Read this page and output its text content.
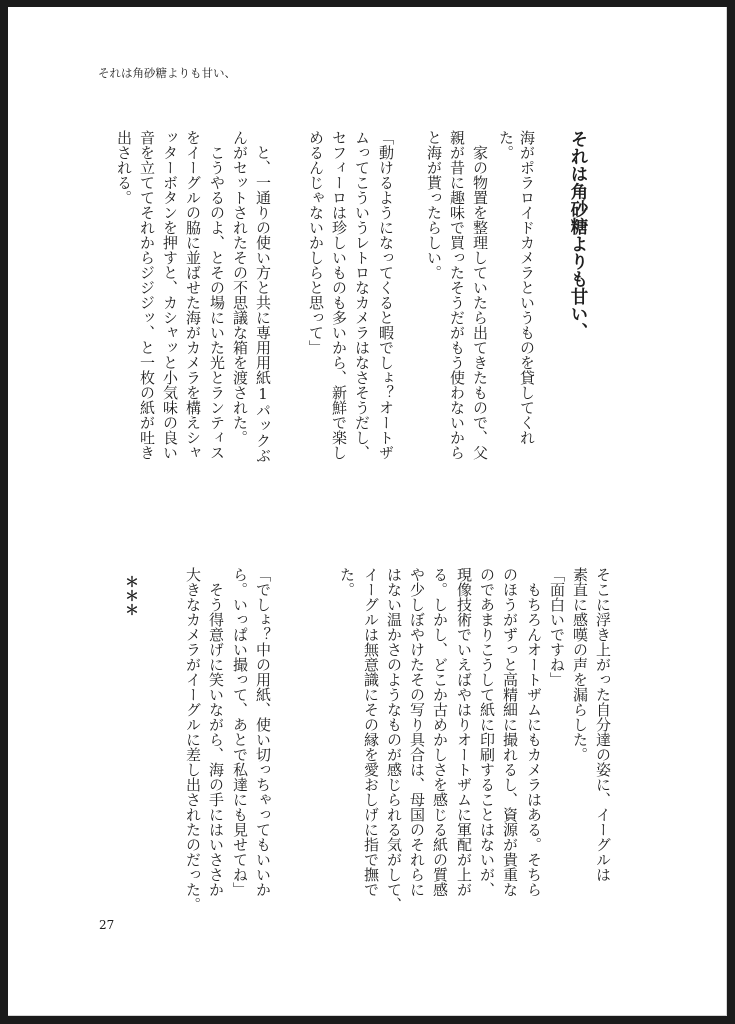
それは角砂糖よりも甘い、
それは角砂糖よりも甘い、
海がポラロイドカメラというものを貸してくれ
た。
家の物置を整理していたら出てきたもので、父
親が昔に趣味で買ったそうだがもう使わないから
と海が貰ったらしい。
「動けるようになってくると暇でしょ？オートザ
ムってこういうレトロなカメラはなさそうだし、
セフィーロは珍しいものも多いから、新鮮で楽し
めるんじゃないかしらと思って」
と、一通りの使い方と共に専用用紙1パックぶ
んがセットされたその不思議な箱を渡された。
こうやるのよ、とその場にいた光とランティス
をイーグルの脇に並ばせた海がカメラを構えシャ
ッターボタンを押すと、カシャッと小気味の良い
音を立ててそれからジジジッ、と一枚の紙が吐き
出される。
そこに浮き上がった自分達の姿に、イーグルは
素直に感嘆の声を漏らした。
「面白いですね」
もちろんオートザムにもカメラはある。そちら
のほうがずっと高精細に撮れるし、資源が貴重な
のであまりこうして紙に印刷することはないが、
現像技術でいえばやはりオートザムに軍配が上が
る。しかし、どこか古めかしさを感じる紙の質感
や少しぼやけたその写り具合は、母国のそれらに
はない温かさのようなものが感じられる気がして、
イーグルは無意識にその縁を愛おしげに指で撫で
た。
「でしょ？中の用紙、使い切っちゃってもいいか
ら。いっぱい撮って、あとで私達にも見せてね」
そう得意げに笑いながら、海の手にはいささか
大きなカメラがイーグルに差し出されたのだった。
＊＊＊
27
